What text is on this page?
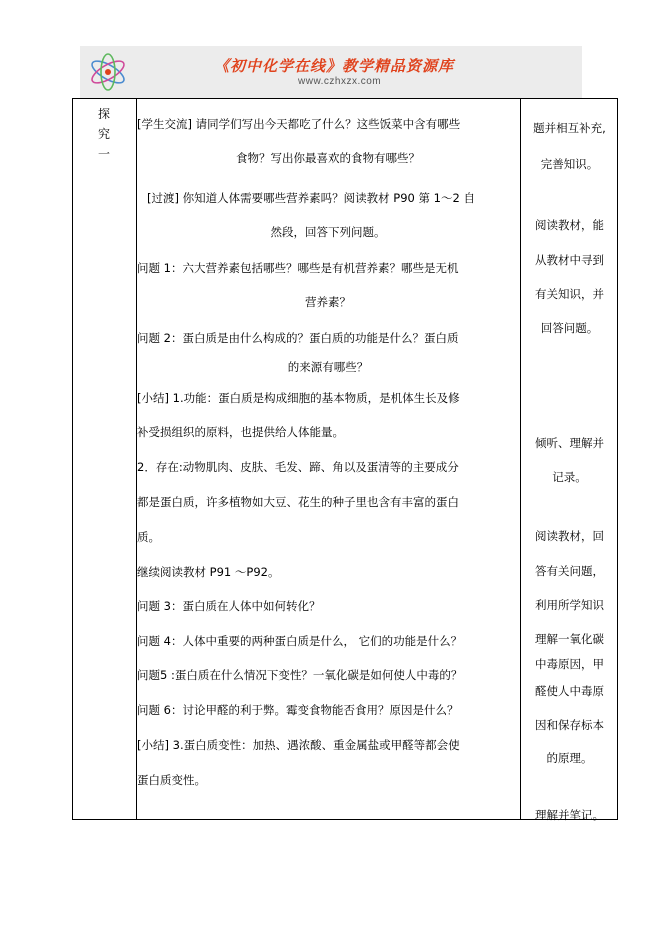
《初中化学在线》教学精品资源库
www.czhxzx.com
探
究
一

[学生交流] 请同学们写出今天都吃了什么？这些饭菜中含有哪些

食物？写出你最喜欢的食物有哪些？

[过渡] 你知道人体需要哪些营养素吗？阅读教材 P90 第 1～2 自

然段，回答下列问题。

问题 1：六大营养素包括哪些？哪些是有机营养素？哪些是无机

营养素？

问题 2：蛋白质是由什么构成的？蛋白质的功能是什么？蛋白质

的来源有哪些？

[小结] 1.功能：蛋白质是构成细胞的基本物质，是机体生长及修

补受损组织的原料，也提供给人体能量。

2．存在:动物肌肉、皮肤、毛发、蹄、角以及蛋清等的主要成分

都是蛋白质，许多植物如大豆、花生的种子里也含有丰富的蛋白

质。

继续阅读教材 P91 ～P92。

问题 3：蛋白质在人体中如何转化？

问题 4：人体中重要的两种蛋白质是什么， 它们的功能是什么？

问题5 :蛋白质在什么情况下变性？一氧化碳是如何使人中毒的？

问题 6：讨论甲醛的利于弊。霉变食物能否食用？原因是什么？

[小结] 3.蛋白质变性：加热、遇浓酸、重金属盐或甲醛等都会使

蛋白质变性。

题并相互补充,

完善知识。

阅读教材，能

从教材中寻到

有关知识，并

回答问题。

倾听、理解并

记录。

阅读教材，回

答有关问题，

利用所学知识

理解一氧化碳

中毒原因，甲

醛使人中毒原

因和保存标本

的原理。

理解并笔记。
